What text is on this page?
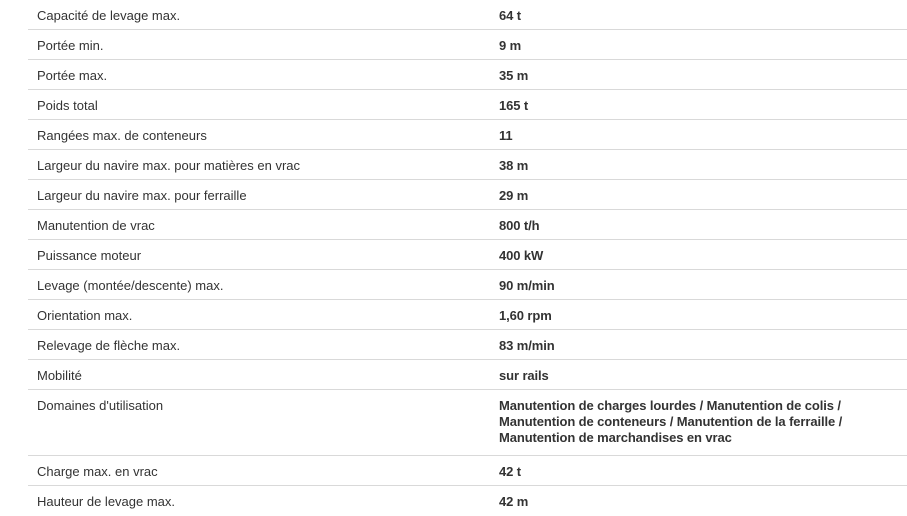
Capacité de levage max.	64 t
Portée min.	9 m
Portée max.	35 m
Poids total	165 t
Rangées max. de conteneurs	11
Largeur du navire max. pour matières en vrac	38 m
Largeur du navire max. pour ferraille	29 m
Manutention de vrac	800 t/h
Puissance moteur	400 kW
Levage (montée/descente) max.	90 m/min
Orientation max.	1,60 rpm
Relevage de flèche max.	83 m/min
Mobilité	sur rails
Domaines d'utilisation	Manutention de charges lourdes / Manutention de colis /
Manutention de conteneurs / Manutention de la ferraille /
Manutention de marchandises en vrac
Charge max. en vrac	42 t
Hauteur de levage max.	42 m
